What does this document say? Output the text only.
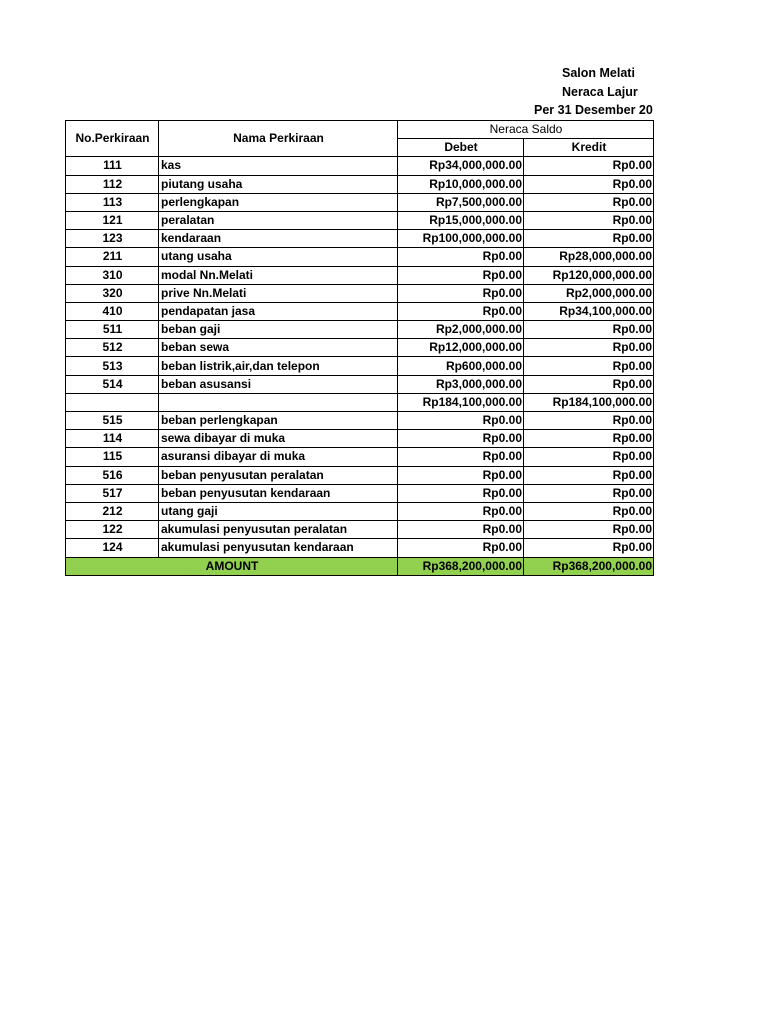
Salon Melati
Neraca Lajur
Per 31 Desember 20
No.Perkiraan	Nama Perkiraan	Neraca Saldo	
		Debet	Kredit
111	kas	Rp34,000,000.00	Rp0.00
112	piutang usaha	Rp10,000,000.00	Rp0.00
113	perlengkapan	Rp7,500,000.00	Rp0.00
121	peralatan	Rp15,000,000.00	Rp0.00
123	kendaraan	Rp100,000,000.00	Rp0.00
211	utang usaha	Rp0.00	Rp28,000,000.00
310	modal Nn.Melati	Rp0.00	Rp120,000,000.00
320	prive Nn.Melati	Rp0.00	Rp2,000,000.00
410	pendapatan jasa	Rp0.00	Rp34,100,000.00
511	beban gaji	Rp2,000,000.00	Rp0.00
512	beban sewa	Rp12,000,000.00	Rp0.00
513	beban listrik,air,dan telepon	Rp600,000.00	Rp0.00
514	beban asusansi	Rp3,000,000.00	Rp0.00
		Rp184,100,000.00	Rp184,100,000.00
515	beban perlengkapan	Rp0.00	Rp0.00
114	sewa dibayar di muka	Rp0.00	Rp0.00
115	asuransi dibayar di muka	Rp0.00	Rp0.00
516	beban penyusutan peralatan	Rp0.00	Rp0.00
517	beban penyusutan kendaraan	Rp0.00	Rp0.00
212	utang gaji	Rp0.00	Rp0.00
122	akumulasi penyusutan peralatan	Rp0.00	Rp0.00
124	akumulasi penyusutan kendaraan	Rp0.00	Rp0.00
AMOUNT		Rp368,200,000.00	Rp368,200,000.00
